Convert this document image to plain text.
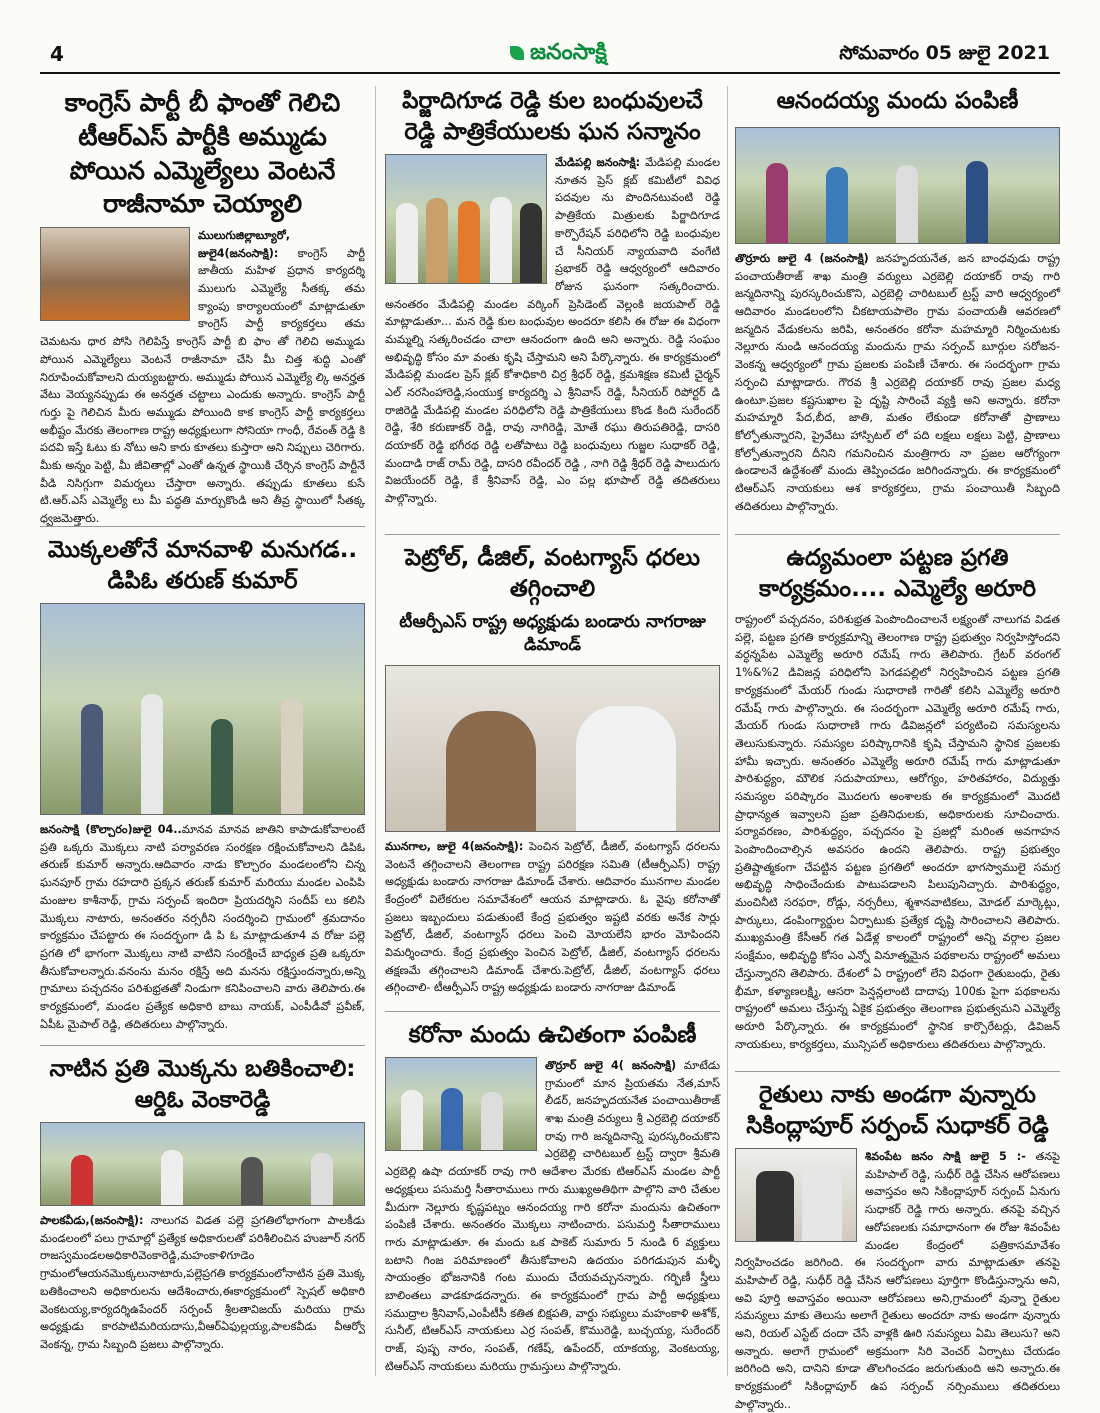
4	జనంసాక్షి	సోమవారం 05 జులై 2021
కాంగ్రెస్ పార్టీ బీ ఫాంతో గెలిచి టీఆర్ఎస్ పార్టీకి అమ్ముడు పోయిన ఎమ్మెల్యేలు వెంటనే రాజీనామా చెయ్యాలి

ములుగుజిల్లాబ్యూరో, జులై4(జనంసాక్షి): కాంగ్రెస్ పార్టీ జాతీయ మహిళ ప్రధాన కార్యదర్శి ములుగు ఎమ్మెల్యే సీతక్క తమ క్యాంపు కార్యాలయంలో మాట్లాడుతూ కాంగ్రెస్ పార్టీ కార్యకర్తలు తమ చెమటను ధార పోసి గెలిపిస్తే కాంగ్రెస్ పార్టీ బి ఫాం తో గెలిచి అమ్ముడు పోయిన ఎమ్మెల్యేలు వెంటనే రాజీనామా చేసి మీ చిత్త శుద్ధి ఎంతో నిరూపించుకోవాలని దుయ్యబట్టారు. అమ్ముడు పోయిన ఎమ్మెల్యే ల్కి అనర్హత వేటు వెయ్యనప్పుడు ఈ అనర్హత చట్టాలు ఎందుకు అన్నారు. కాంగ్రెస్ పార్టీ గుర్తు పై గెలిచిన మీరు అమ్ముడు పోయింది కాక కాంగ్రెస్ పార్టీ కార్యకర్తలు అభీష్టం మేరకు తెలంగాణ రాష్ట్ర అధ్యక్షులుగా సోనియా గాంధీ, రేవంత్ రెడ్డి కి పదవి ఇస్తే ఓటు కు నోటు అని కారు కూతలు కుస్తారా అని నిప్పులు చెరిగారు. మీకు అన్నం పెట్టి, మీ జీవితాల్లో ఎంతో ఉన్నత స్థాయికి చేర్చిన కాంగ్రెస్ పార్టీనే వీడి నిసిగ్గుగా విమర్శలు చేస్తారా అన్నారు. తప్పుడు కూతలు కుసే టి.ఆర్.ఎస్ ఎమ్మెల్యే లు మీ పద్ధతి మార్చుకొండి అని తీవ్ర స్థాయిలో సీతక్క ధ్వజమెత్తారు.

మొక్కలతోనే మానవాళి మనుగడ.. డిపిఓ తరుణ్ కుమార్

జనంసాక్షి (కొల్చారం)జులై 04..మానవ మానవ జాతిని కాపాడుకోవాలంటే ప్రతి ఒక్కరు మొక్కలు నాటి పర్యావరణ సంరక్షణ రక్షించుకోవాలని డిపిఓ తరుణ్ కుమార్ అన్నారు.ఆదివారం నాడు కొల్చారం మండలంలోని చిన్న ఘనపూర్ గ్రామ రహదారి ప్రక్కన తరుణ్ కుమార్ మరియు మండల ఎంపిపి మంజుల కాశీనాథ్, గ్రామ సర్పంచ్ ఇందిరా ప్రియదర్శిని సందీప్ లు కలిసి మొక్కలు నాటారు, అనంతరం నర్సరీని సందర్శించి గ్రామంలో శ్రమదానం కార్యక్రమం చేపట్టారు ఈ సందర్భంగా డి పి ఓ మాట్లాడుతూ4 వ రోజు పల్లె ప్రగతి లో భాగంగా మొక్కలు నాటి వాటిని సంరక్షించే బాధ్యత ప్రతి ఒక్కరూ తీసుకోవాలన్నారు.వనంను మనం రక్షిస్తే అది మనను రక్షిస్తుందన్నారు,అన్ని గ్రామాలు పచ్చదనం పరిశుభ్రతతో నిండుగా కనిపించాలని వారు తెలిపారు.ఈ కార్యక్రమంలో, మండల ప్రత్యేక అధికారి బాబు నాయక్, ఎంపీడీవో ప్రవీణ్, ఏపీఓ మైపాల్ రెడ్డి, తదితరులు పాల్గొన్నారు.

నాటిన ప్రతి మొక్కను బతికించాలి: ఆర్డిఓ వెంకారెడ్డి

పాలకవీడు,(జనంసాక్షి): నాలుగవ విడత పల్లె ప్రగతిలోభాగంగా పాలకీడు మండలంలో పలు గ్రామాల్లో ప్రత్యేక అధికారులతో పరిశీలించిన హుజూర్ నగర్ రాజస్వమండలఅధికారివెంకారెడ్డి,మహంకాళిగూడెం గ్రామంలోఆయనమొక్కలునాటారు,పల్లెప్రగతి కార్యక్రమంలోనాటిన ప్రతి మొక్క బతికించాలని అధికారులను ఆదేశించారు,ఈకార్యక్రమంలో స్పెషల్ అధికారి వెంకటయ్య,కార్యదర్శిఉపేందర్ సర్పంచ్ శ్రీలతావిజయ్ మరియు గ్రామ అధ్యక్షుడు కారపాటిమరియదాసు,వీఆర్ఏఫుల్లయ్య,పాలకవీడు వీఆర్వో వెంకన్న, గ్రామ సిబ్బంది ప్రజలు పాల్గొన్నారు.

పిర్జాదిగూడ రెడ్డి కుల బంధువులచే రెడ్డి పాత్రికేయులకు ఘన సన్మానం

మేడిపల్లి జనంసాక్షి: మేడిపల్లి మండల నూతన ప్రెస్ క్లబ్ కమిటీలో వివిధ పదవుల ను పొందినటువంటి రెడ్డి పాత్రికేయ మిత్రులకు పిర్జాదిగూడ కార్పొరేషన్ పరిధిలోని రెడ్డి బంధువుల చే సీనియర్ న్యాయవాది వంగేటి ప్రభాకర్ రెడ్డి ఆధ్వర్యంలో ఆదివారం రోజున ఘనంగా సత్కరించారు. అనంతరం మేడిపల్లి మండల వర్కింగ్ ప్రెసిడెంట్ వెల్లంకి జయపాల్ రెడ్డి మాట్లాడుతూ... మన రెడ్డి కుల బంధువుల అందరూ కలిసి ఈ రోజు ఈ విధంగా మమ్మల్ని సత్కరించడం చాలా ఆనందంగా ఉంది అని అన్నారు. రెడ్డి సంఘం అభివృద్ధి కోసం మా వంతు కృషి చేస్తామని అని పేర్కొన్నారు. ఈ కార్యక్రమంలో మేడిపల్లి మండల ప్రెస్ క్లబ్ కోశాధికారి చిర్ర శ్రీధర్ రెడ్డి, క్రమశిక్షణ కమిటీ చైర్మన్ ఎల్ నరసింహారెడ్డి,సంయుక్త కార్యదర్శి ఎ శ్రీనివాస్ రెడ్డి, సీనియర్ రిపోర్టర్ డి రాజిరెడ్డి మేడిపల్లి మండల పరిధిలోని రెడ్డి పాత్రికేయులు కొండ కింది సురేందర్ రెడ్డి, శేరి కరుణాకర్ రెడ్డి, రావు నాగిరెడ్డి, మోతే రఘు తిరుపతిరెడ్డి, దాసరి దయాకర్ రెడ్డి భగీరథ రెడ్డి లతోపాటు రెడ్డి బంధువులు గుజ్జల సుధాకర్ రెడ్డి, మందాడి రాజ్ రామ్ రెడ్డి, దాసరి రవీందర్ రెడ్డి , నాగి రెడ్డి శ్రీధర్ రెడ్డి పాలుదుగు విజయేందర్ రెడ్డి, కే శ్రీనివాస్ రెడ్డి, ఎం పల్ల భూపాల్ రెడ్డి తదితరులు పాల్గొన్నారు.

పెట్రోల్, డీజిల్, వంటగ్యాస్ ధరలు తగ్గించాలి
టీఆర్పీఎస్ రాష్ట్ర అధ్యక్షుడు బండారు నాగరాజు డిమాండ్

మునగాల, జులై 4(జనంసాక్షి): పెంచిన పెట్రోల్, డీజిల్, వంటగ్యాస్ ధరలను వెంటనే తగ్గించాలని తెలంగాణ రాష్ట్ర పరిరక్షణ సమితి (టీఆర్పీఎస్) రాష్ట్ర అధ్యక్షుడు బండారు నాగరాజు డిమాండ్ చేశారు. ఆదివారం మునగాల మండల కేంద్రంలో విలేకరుల సమావేశంలో ఆయన మాట్లాడారు. ఓ వైపు కరోనాతో ప్రజలు ఇబ్బందులు పడుతుంటే కేంద్ర ప్రభుత్వం ఇష్టటి వరకు అనేక సార్లు పెట్రోల్, డీజిల్, వంటగ్యాస్ ధరలు పెంచి మోయలేని భారం మోపిందని విమర్శించారు. కేంద్ర ప్రభుత్వం పెంచిన పెట్రోల్, డీజిల్, వంటగ్యాస్ ధరలను తక్షణమే తగ్గించాలని డిమాండ్ చేశారు.పెట్రోల్, డీజిల్, వంటగ్యాస్ ధరలు తగ్గించాలి- టీఆర్పీఎస్ రాష్ట్ర అధ్యక్షుడు బండారు నాగరాజు డిమాండ్

కరోనా మందు ఉచితంగా పంపిణీ

తొర్రూర్ జులై 4( జనంసాక్షి) మాటేడు గ్రామంలో మాన ప్రియతమ నేత,మాస్ లీడర్, జనహృదయనేత పంచాయితీరాజ్ శాఖ మంత్రి వర్యులు శ్రీ ఎర్రబెల్లి దయాకర్ రావు గారి జన్మదినాన్ని పురస్కరించుకొని ఎర్రబెల్లి చారిటబుల్ ట్రస్ట్ ద్వారా శ్రీమతి ఎర్రబెల్లి ఉషా దయాకర్ రావు గారి ఆదేశాల మేరకు టిఆర్ఎస్ మండల పార్టీ అధ్యక్షులు పసుమర్తి సీతారాములు గారు ముఖ్యఅతిథిగా పాల్గొని వారి చేతుల మీదుగా నెల్లూరు కృష్ణపట్నం ఆనందయ్య గారి కరోనా మందును ఉచితంగా పంపిణీ చేశారు. అనంతరం మొక్కలు నాటించారు. పసుమర్తి సీతారాములు గారు మాట్లాడుతూ. ఈ మందు ఒక పాకెట్ సుమారు 5 నుండి 6 వ్యక్తులు బటాని గింజ పరిమాణంలో తీసుకోవాలని ఉదయం పరిగడుపున మళ్ళీ సాయంత్రం భోజనానికి గంట ముందు చేయవచ్చునన్నారు. గర్భిణీ స్త్రీలు బాలింతలు వాడకూడదన్నారు. ఈ కార్యక్రమంలో గ్రామ పార్టీ అధ్యక్షులు సముద్రాల శ్రీనివాస్,ఎంపీటీసీ కతిత బిక్షపతి, వార్డు సభ్యులు మహంకాళి అశోక్, సునీల్, టిఆర్ఎస్ నాయకులు ఎర్ర సంపత్, కొమురెడ్డి, బుచ్చయ్య, సురేందర్ రాజ్, పుష్ప నారం, సంపత్, గణేష్, ఉపేందర్, యాకయ్య, వెంకటయ్య, టిఆర్ఎస్ నాయకులు మరియు గ్రామస్తులు పాల్గొన్నారు.

ఆనందయ్య మందు పంపిణీ

తొర్రూరు జులై 4 (జనంసాక్షి) జనహృదయనేత, జన బాంధవుడు రాష్ట్ర పంచాయతీరాజ్ శాఖ మంత్రి వర్యులు ఎర్రబెల్లి దయాకర్ రావు గారి జన్మదినాన్ని పురస్కరించుకొని, ఎర్రబెల్లి చారిటబుల్ ట్రస్ట్ వారి ఆధ్వర్యంలో ఆదివారం మండలంలోని చీకటాయపాలెం గ్రామ పంచాయతీ ఆవరణలో జన్మదిన వేడుకలను జరిపి, అనంతరం కరోనా మహమ్మారి నిర్మించుటకు నెల్లూరు నుండి ఆనందయ్య మందును గ్రామ సర్పంచ్ బూర్గుల సరోజన-వెంకన్న ఆధ్వర్యంలో గ్రామ ప్రజలకు పంపిణీ చేశారు. ఈ సందర్భంగా గ్రామ సర్పంచి మాట్లాడారు. గౌరవ శ్రీ ఎర్రబెల్లి దయాకర్ రావు ప్రజల మధ్య ఉంటూ.ప్రజల కష్టసుఖాల పై దృష్టి సారించే వ్యక్తి అని అన్నారు. కరోనా మహమ్మారి పేద,బీద, జాతి, మతం లేకుండా కరోనాతో ప్రాణాలు కోల్పోతున్నారని, ప్రైవేటు హాస్పిటల్ లో పది లక్షలు లక్షలు పెట్టి, ప్రాణాలు కోల్పోతున్నారని దీనిని గమనించిన మంత్రిగారు నా ప్రజల ఆరోగ్యంగా ఉండాలనే ఉద్దేశంతో మందు తెప్పించడం జరిగిందన్నారు. ఈ కార్యక్రమంలో టిఆర్ఎస్ నాయకులు ఆశ కార్యకర్తలు, గ్రామ పంచాయితీ సిబ్బంది తదితరులు పాల్గొన్నారు.

ఉద్యమంలా పట్టణ ప్రగతి కార్యక్రమం.... ఎమ్మెల్యే అరూరి

రాష్ట్రంలో పచ్చదనం, పరిశుభ్రత పెంపొందించాలనే లక్ష్యంతో నాలుగవ విడత పల్లె, పట్టణ ప్రగతి కార్యక్రమాన్ని తెలంగాణ రాష్ట్ర ప్రభుత్వం నిర్వహిస్తోందని వర్ధన్నపేట ఎమ్మెల్యే అరూరి రమేష్ గారు తెలిపారు. గ్రేటర్ వరంగల్ 1%&%2 డివిజన్ల పరిధిలోని పెగడపల్లిలో నిర్వహించిన పట్టణ ప్రగతి కార్యక్రమంలో మేయర్ గుండు సుధారాణి గారితో కలిసి ఎమ్మెల్యే అరూరి రమేష్ గారు పాల్గొన్నారు. ఈ సందర్భంగా ఎమ్మెల్యే అరూరి రమేష్ గారు, మేయర్ గుండు సుధారాణి గారు డివిజన్లలో పర్యటించి సమస్యలను తెలుసుకున్నారు. సమస్యల పరిష్కారానికి కృషి చేస్తామని స్థానిక ప్రజలకు హామీ ఇచ్చారు. అనంతరం ఎమ్మెల్యే అరూరి రమేష్ గారు మాట్లాడుతూ పారిశుద్ధ్యం, మౌలిక సదుపాయాలు, ఆరోగ్యం, హరితహారం, విద్యుత్తు సమస్యల పరిష్కారం మొదలగు అంశాలకు ఈ కార్యక్రమంలో మొదటి ప్రాధాన్యత ఇవ్వాలని ప్రజా ప్రతినిధులకు, అధికారులకు సూచించారు. పర్యావరణం, పారిశుద్ధ్యం, పచ్చదనం పై ప్రజల్లో మరింత అవగాహన పెంపొందించాల్సిన అవసరం ఉందని తెలిపారు. రాష్ట్ర ప్రభుత్వం ప్రతిష్టాత్మకంగా చేపట్టిన పట్టణ ప్రగతిలో అందరూ భాగస్వాములై సమగ్ర అభివృద్ధి సాధించేందుకు పాటుపడాలని పిలుపునిచ్చారు. పారిశుద్ధ్యం, మంచినీటి సరఫరా, రోడ్లు, నర్సరీలు, శ్మశానవాటికలు, మోడల్ మార్కెట్లు, పార్కులు, డంపింగ్యార్డుల ఏర్పాటుకు ప్రత్యేక దృష్టి సారించాలని తెలిపారు. ముఖ్యమంత్రి కేసీఆర్ గత ఏడేళ్ల కాలంలో రాష్ట్రంలో అన్ని వర్గాల ప్రజల సంక్షేమం, అభివృద్ధి కోసం ఎన్నో వినూత్నమైన పథకాలను రాష్ట్రంలో అమలు చేస్తున్నారని తెలిపారు. దేశంలో ఏ రాష్ట్రంలో లేని విధంగా రైతుబంధు, రైతు భీమా, కళ్యాణలక్ష్మి, ఆసరా పెన్షన్లలాంటి దాదాపు 100కు పైగా పథకాలను రాష్ట్రంలో అమలు చేస్తున్న ఏకైక ప్రభుత్వం తెలంగాణ ప్రభుత్వమని ఎమ్మెల్యే అరూరి పేర్కొన్నారు. ఈ కార్యక్రమంలో స్థానిక కార్పొరేటర్లు, డివిజన్ నాయకులు, కార్యకర్తలు, మున్సిపల్ అధికారులు తదితరులు పాల్గొన్నారు.

రైతులు నాకు అండగా వున్నారు సికింద్లాపూర్ సర్పంచ్ సుధాకర్ రెడ్డి

శివంపేట జనం సాక్షి జులై 5 :- తనపై మహిపాల్ రెడ్డి, సుధీర్ రెడ్డి చేసిన ఆరోపణలు అవాస్తవం అని సికింద్లాపూర్ సర్పంచ్ ఏనుగు సుధాకర్ రెడ్డి గారు అన్నారు. తనపై వచ్చిన ఆరోపణలకు సమాధానంగా ఈ రోజు శివంపేట మండల కేంద్రంలో పత్రికాసమావేశం నిర్వహించడం జరిగింది. ఈ సందర్భంగా వారు మాట్లాడుతూ తనపై మహిపాల్ రెడ్డి, సుధీర్ రెడ్డి చేసిన ఆరోపణలు పూర్తిగా కొండిస్తున్నాను అని, అవి పూర్తి అవాస్తవం అయినా ఆరోపణలు అని,గ్రామంలో వున్నా రైతుల సమస్యలు మాకు తెలుసు అలాగే రైతులు అందరూ నాకు అండగా వున్నారు అని, రియల్ ఎస్టేట్ దందా చేసే వాళ్లకి ఊరి సమస్యలు ఏమి తెలుసు? అని అన్నారు. అలాగే గ్రామంలో అక్రమంగా సిరి వెంచర్ ఏర్పాటు చేయడం జరిగింది అని, దానిని కూడా తొలగించడం జరుగుతుంది అని అన్నారు.ఈ కార్యక్రమంలో సికింద్లాపూర్ ఉప సర్పంచ్ నర్సింములు తదితరులు పాల్గొన్నారు..
